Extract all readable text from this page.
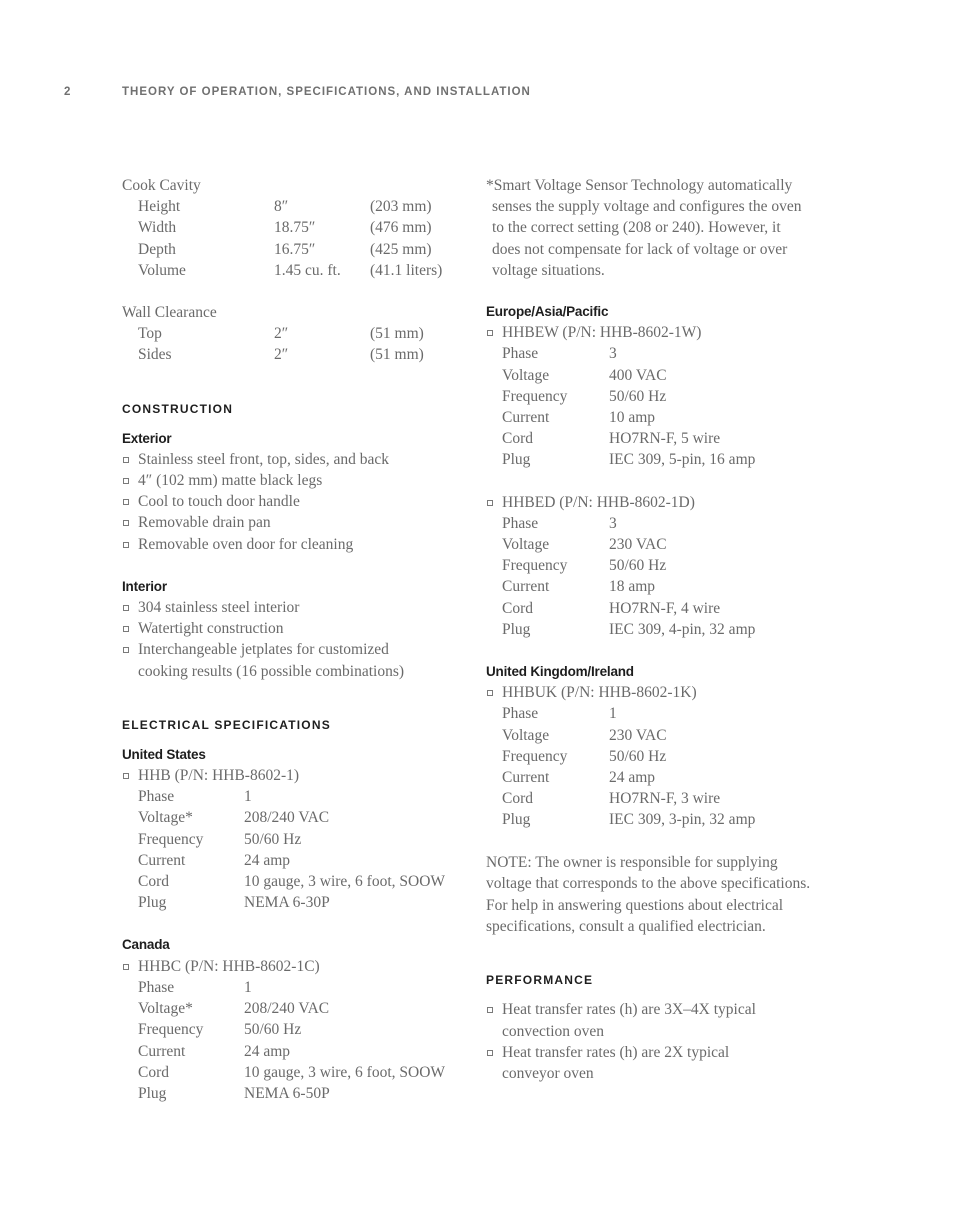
2	THEORY OF OPERATION, SPECIFICATIONS, AND INSTALLATION
Cook Cavity
Height	8″	(203 mm)
Width	18.75″	(476 mm)
Depth	16.75″	(425 mm)
Volume	1.45 cu. ft.	(41.1 liters)
Wall Clearance
Top	2″	(51 mm)
Sides	2″	(51 mm)
CONSTRUCTION
Exterior
Stainless steel front, top, sides, and back
4″ (102 mm) matte black legs
Cool to touch door handle
Removable drain pan
Removable oven door for cleaning
Interior
304 stainless steel interior
Watertight construction
Interchangeable jetplates for customized
cooking results (16 possible combinations)
ELECTRICAL SPECIFICATIONS
United States
HHB (P/N: HHB-8602-1)
Phase	1
Voltage*	208/240 VAC
Frequency	50/60 Hz
Current	24 amp
Cord	10 gauge, 3 wire, 6 foot, SOOW
Plug	NEMA 6-30P
Canada
HHBC (P/N: HHB-8602-1C)
Phase	1
Voltage*	208/240 VAC
Frequency	50/60 Hz
Current	24 amp
Cord	10 gauge, 3 wire, 6 foot, SOOW
Plug	NEMA 6-50P
*Smart Voltage Sensor Technology automatically
senses the supply voltage and configures the oven
to the correct setting (208 or 240). However, it
does not compensate for lack of voltage or over
voltage situations.
Europe/Asia/Pacific
HHBEW (P/N: HHB-8602-1W)
Phase	3
Voltage	400 VAC
Frequency	50/60 Hz
Current	10 amp
Cord	HO7RN-F, 5 wire
Plug	IEC 309, 5-pin, 16 amp
HHBED (P/N: HHB-8602-1D)
Phase	3
Voltage	230 VAC
Frequency	50/60 Hz
Current	18 amp
Cord	HO7RN-F, 4 wire
Plug	IEC 309, 4-pin, 32 amp
United Kingdom/Ireland
HHBUK (P/N: HHB-8602-1K)
Phase	1
Voltage	230 VAC
Frequency	50/60 Hz
Current	24 amp
Cord	HO7RN-F, 3 wire
Plug	IEC 309, 3-pin, 32 amp
NOTE: The owner is responsible for supplying
voltage that corresponds to the above specifications.
For help in answering questions about electrical
specifications, consult a qualified electrician.
PERFORMANCE
Heat transfer rates (h) are 3X–4X typical
convection oven
Heat transfer rates (h) are 2X typical
conveyor oven
